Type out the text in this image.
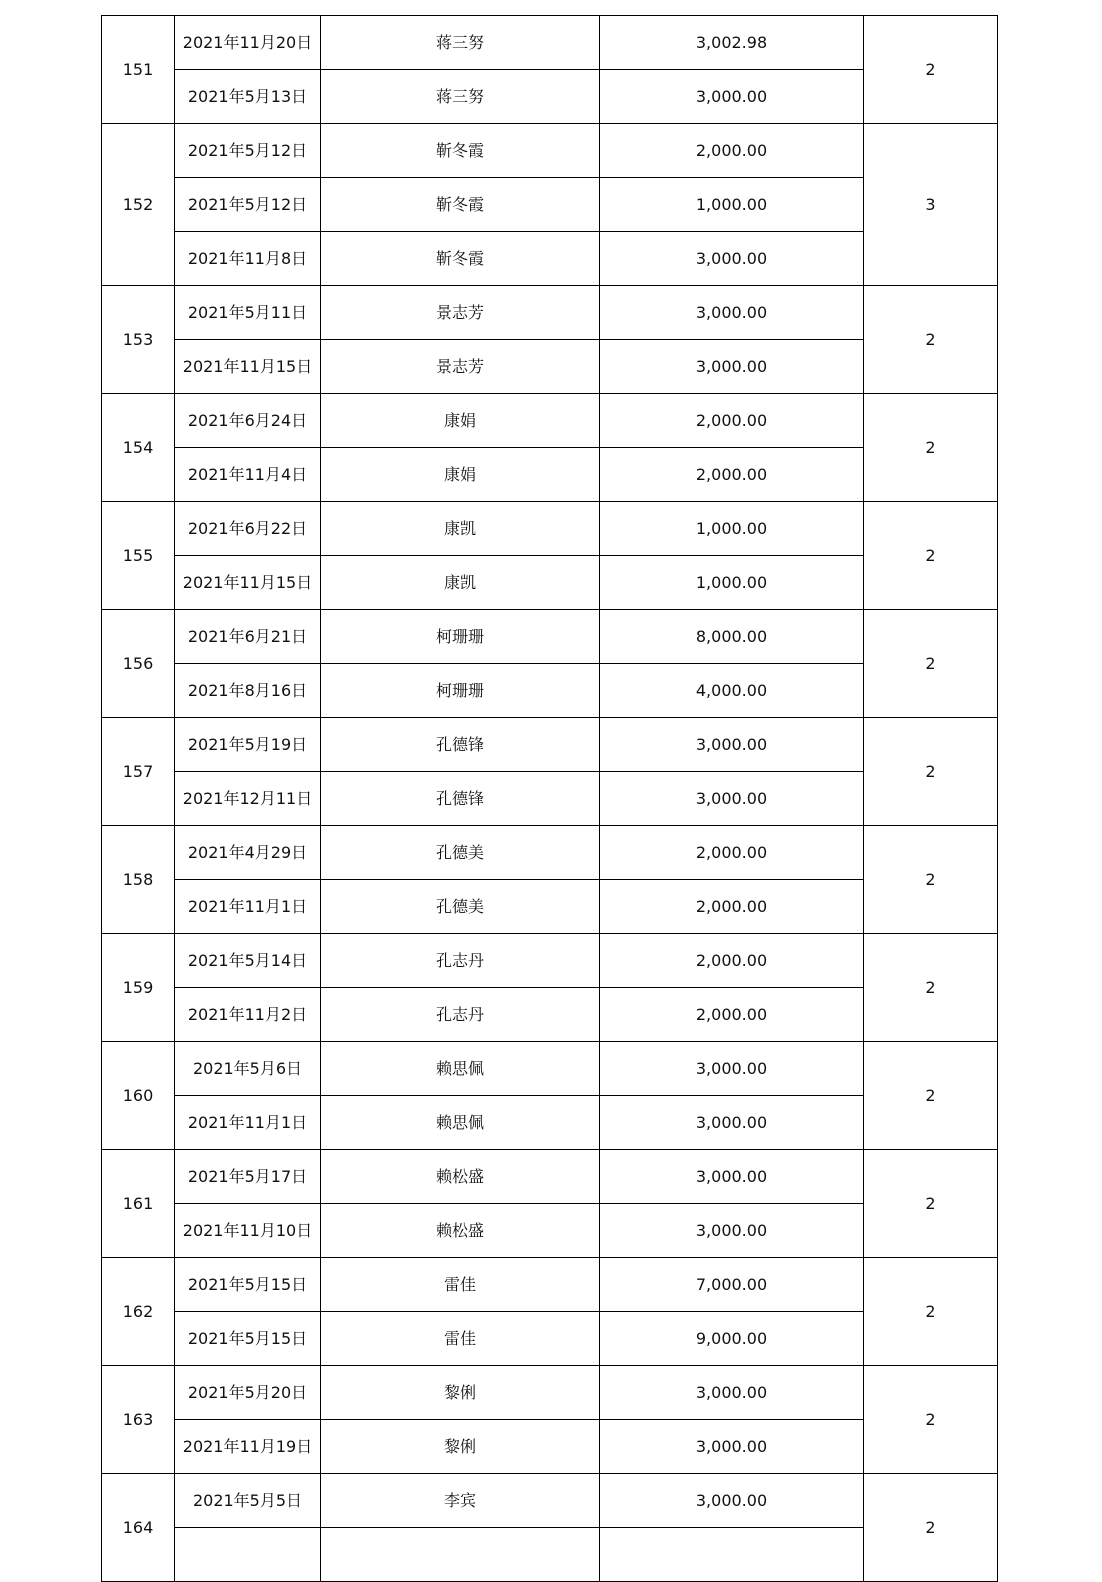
151	2021年11月20日	蒋三努	3,002.98	2
	2021年5月13日	蒋三努	3,000.00	
152	2021年5月12日	靳冬霞	2,000.00	3
	2021年5月12日	靳冬霞	1,000.00	
	2021年11月8日	靳冬霞	3,000.00	
153	2021年5月11日	景志芳	3,000.00	2
	2021年11月15日	景志芳	3,000.00	
154	2021年6月24日	康娟	2,000.00	2
	2021年11月4日	康娟	2,000.00	
155	2021年6月22日	康凯	1,000.00	2
	2021年11月15日	康凯	1,000.00	
156	2021年6月21日	柯珊珊	8,000.00	2
	2021年8月16日	柯珊珊	4,000.00	
157	2021年5月19日	孔德锋	3,000.00	2
	2021年12月11日	孔德锋	3,000.00	
158	2021年4月29日	孔德美	2,000.00	2
	2021年11月1日	孔德美	2,000.00	
159	2021年5月14日	孔志丹	2,000.00	2
	2021年11月2日	孔志丹	2,000.00	
160	2021年5月6日	赖思佩	3,000.00	2
	2021年11月1日	赖思佩	3,000.00	
161	2021年5月17日	赖松盛	3,000.00	2
	2021年11月10日	赖松盛	3,000.00	
162	2021年5月15日	雷佳	7,000.00	2
	2021年5月15日	雷佳	9,000.00	
163	2021年5月20日	黎俐	3,000.00	2
	2021年11月19日	黎俐	3,000.00	
164	2021年5月5日	李宾	3,000.00	2
